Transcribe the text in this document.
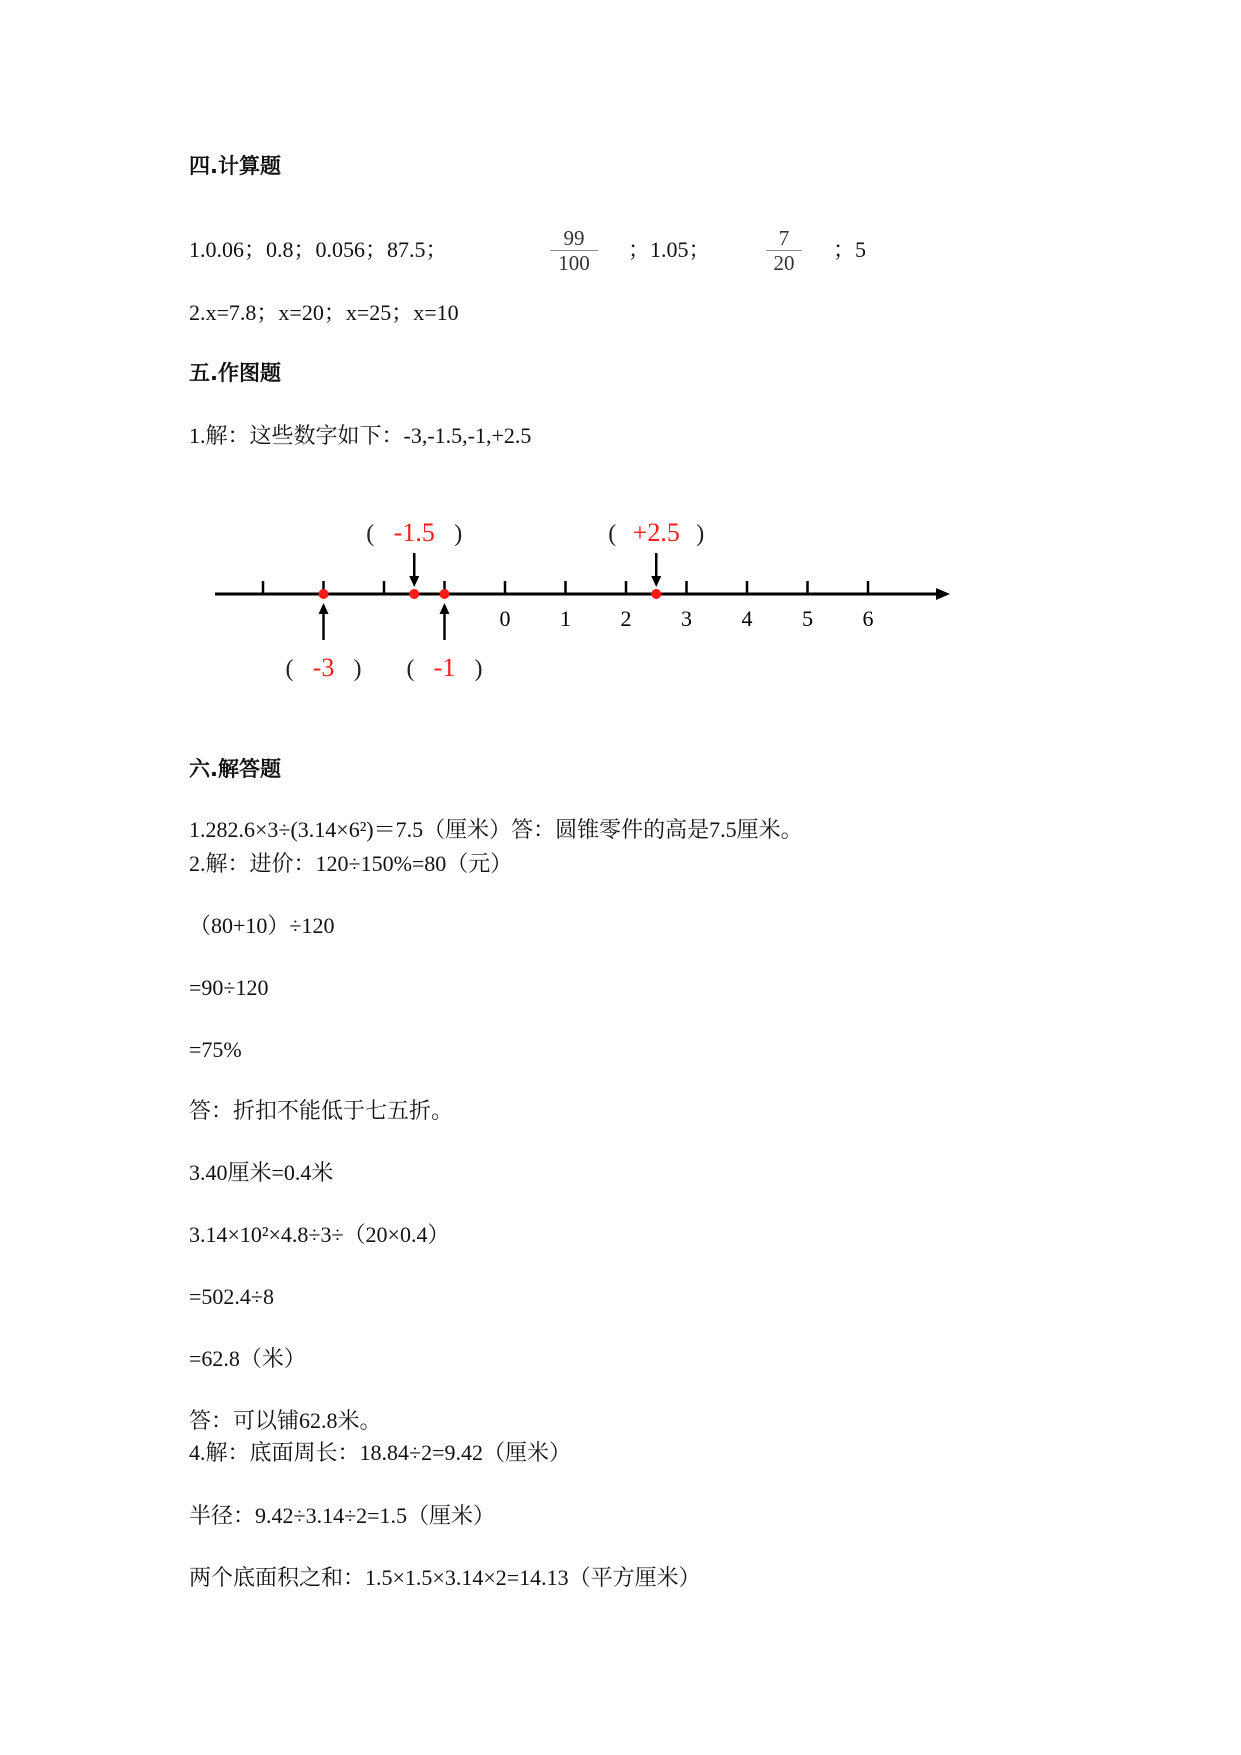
四.计算题
1.0.06；0.8；0.056；87.5；	$\frac{99}{100}$ ；1.05；	$\frac{7}{20}$ ；5
2.x=7.8；x=20；x=25；x=10
五.作图题
1.解：这些数字如下：-3,-1.5,-1,+2.5
0 1 2 3 4 5 6
(	)
-3
(	)
-1.5
(	)
-1
(	)
+2.5
六.解答题
1.282.6×3÷(3.14×6²)＝7.5（厘米）答：圆锥零件的高是7.5厘米。
2.解：进价：120÷150%=80（元）
（80+10）÷120
=90÷120
=75%
答：折扣不能低于七五折。
3.40厘米=0.4米
3.14×10²×4.8÷3÷（20×0.4）
=502.4÷8
=62.8（米）
答：可以铺62.8米。
4.解：底面周长：18.84÷2=9.42（厘米）
半径：9.42÷3.14÷2=1.5（厘米）
两个底面积之和：1.5×1.5×3.14×2=14.13（平方厘米）
